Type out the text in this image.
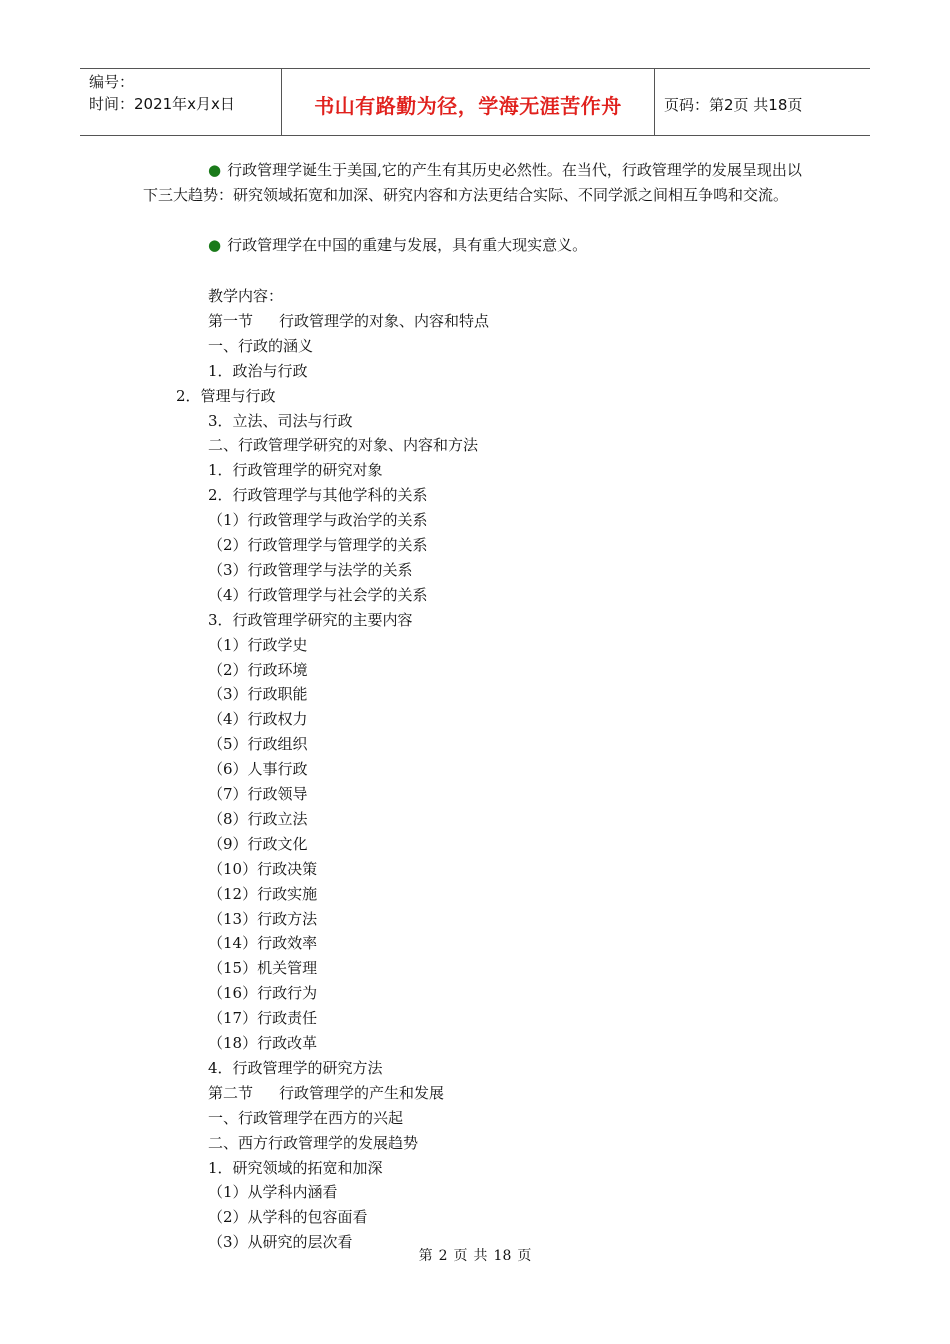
编号：
时间：2021年x月x日	书山有路勤为径，学海无涯苦作舟	页码：第2页 共18页
● 行政管理学诞生于美国,它的产生有其历史必然性。在当代，行政管理学的发展呈现出以下三大趋势：研究领域拓宽和加深、研究内容和方法更结合实际、不同学派之间相互争鸣和交流。
● 行政管理学在中国的重建与发展，具有重大现实意义。
教学内容：
第一节 行政管理学的对象、内容和特点
一、行政的涵义
1．政治与行政
2．管理与行政
3．立法、司法与行政
二、行政管理学研究的对象、内容和方法
1．行政管理学的研究对象
2．行政管理学与其他学科的关系
（1）行政管理学与政治学的关系
（2）行政管理学与管理学的关系
（3）行政管理学与法学的关系
（4）行政管理学与社会学的关系
3．行政管理学研究的主要内容
（1）行政学史
（2）行政环境
（3）行政职能
（4）行政权力
（5）行政组织
（6）人事行政
（7）行政领导
（8）行政立法
（9）行政文化
（10）行政决策
（12）行政实施
（13）行政方法
（14）行政效率
（15）机关管理
（16）行政行为
（17）行政责任
（18）行政改革
4．行政管理学的研究方法
第二节 行政管理学的产生和发展
一、行政管理学在西方的兴起
二、西方行政管理学的发展趋势
1．研究领域的拓宽和加深
（1）从学科内涵看
（2）从学科的包容面看
（3）从研究的层次看
第 2 页 共 18 页
